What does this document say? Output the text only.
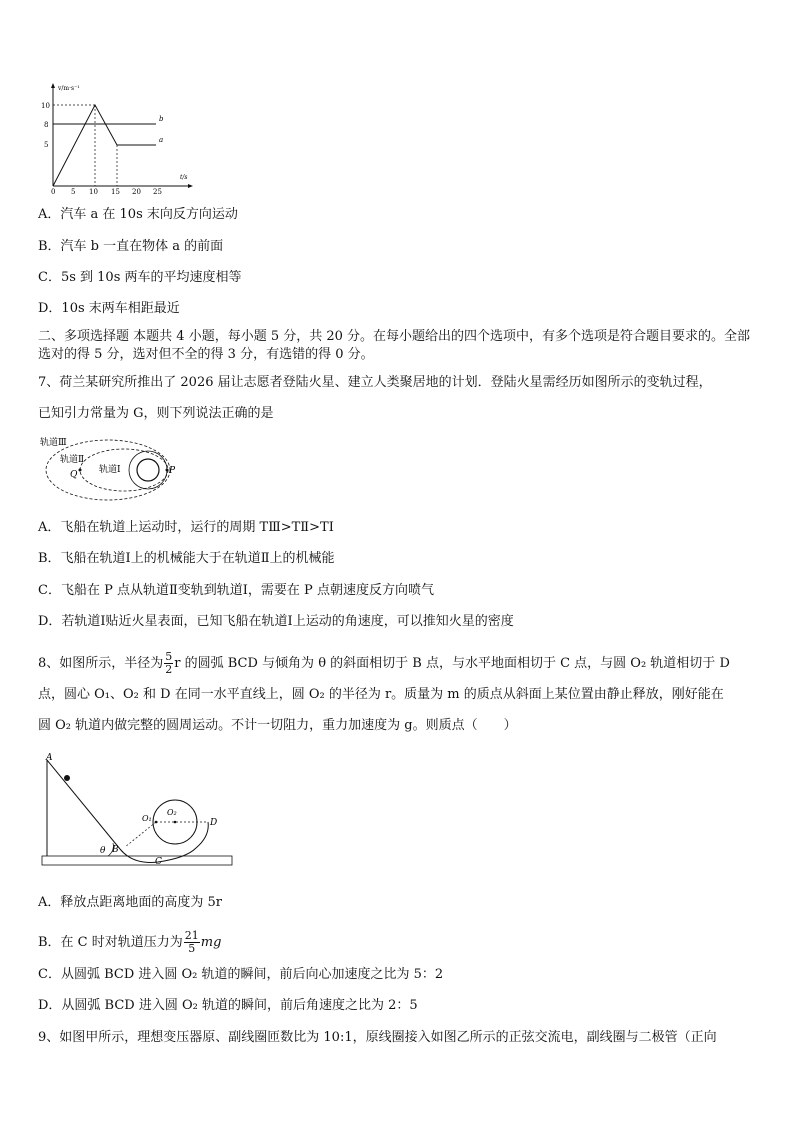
v/m·s⁻¹
t/s
10
8
5
0 5 10 15 20 25
b
a
A．汽车 a 在 10s 末向反方向运动
B．汽车 b 一直在物体 a 的前面
C．5s 到 10s 两车的平均速度相等
D．10s 末两车相距最近
二、多项选择题 本题共 4 小题，每小题 5 分，共 20 分。在每小题给出的四个选项中，有多个选项是符合题目要求的。全部选对的得 5 分，选对但不全的得 3 分，有选错的得 0 分。
7、荷兰某研究所推出了 2026 届让志愿者登陆火星、建立人类聚居地的计划．登陆火星需经历如图所示的变轨过程，
已知引力常量为 G，则下列说法正确的是
轨道Ⅲ
轨道Ⅱ
轨道Ⅰ
Q	P
A．飞船在轨道上运动时，运行的周期 TⅢ>TⅡ>TⅠ
B．飞船在轨道Ⅰ上的机械能大于在轨道Ⅱ上的机械能
C．飞船在 P 点从轨道Ⅱ变轨到轨道Ⅰ，需要在 P 点朝速度反方向喷气
D．若轨道Ⅰ贴近火星表面，已知飞船在轨道Ⅰ上运动的角速度，可以推知火星的密度
8、如图所示，半径为 $\frac{5}{2}$ r 的圆弧 BCD 与倾角为 θ 的斜面相切于 B 点，与水平地面相切于 C 点，与圆 O₂ 轨道相切于 D
点，圆心 O₁、O₂ 和 D 在同一水平直线上，圆 O₂ 的半径为 r。质量为 m 的质点从斜面上某位置由静止释放，刚好能在
圆 O₂ 轨道内做完整的圆周运动。不计一切阻力，重力加速度为 g。则质点（　　）
A
B
C
D
O₁
O₂
θ
A．释放点距离地面的高度为 5r
B．在 C 时对轨道压力为 $\frac{21}{5}$ mg
C．从圆弧 BCD 进入圆 O₂ 轨道的瞬间，前后向心加速度之比为 5：2
D．从圆弧 BCD 进入圆 O₂ 轨道的瞬间，前后角速度之比为 2：5
9、如图甲所示，理想变压器原、副线圈匝数比为 10:1，原线圈接入如图乙所示的正弦交流电，副线圈与二极管（正向
